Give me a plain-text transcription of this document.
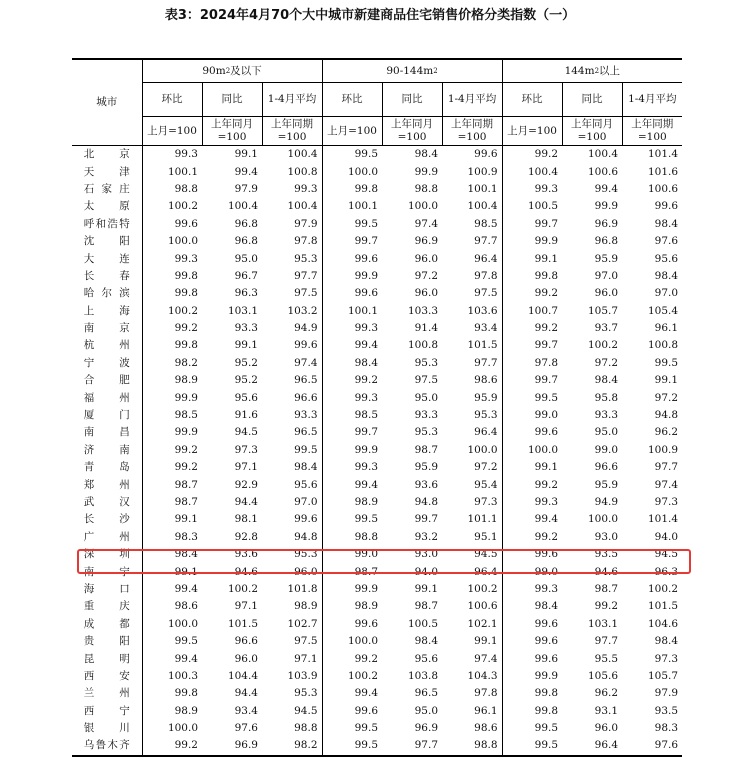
表3：2024年4月70个大中城市新建商品住宅销售价格分类指数（一）
城市	$90m^2$及以下			$90-144m^2$			$144m^2$以上		
	环比	同比	1-4月平均	环比	同比	1-4月平均	环比	同比	1-4月平均
	上月=100	上年同月=100	上年同期=100	上月=100	上年同月=100	上年同期=100	上月=100	上年同月=100	上年同期=100
北京	99.3	99.1	100.4	99.5	98.4	99.6	99.2	100.4	101.4
天津	100.1	99.4	100.8	100.0	99.9	100.9	100.4	100.6	101.6
石家庄	98.8	97.9	99.3	99.8	98.8	100.1	99.3	99.4	100.6
太原	100.2	100.4	100.4	100.1	100.0	100.4	100.5	99.9	99.6
呼和浩特	99.6	96.8	97.9	99.5	97.4	98.5	99.7	96.9	98.4
沈阳	100.0	96.8	97.8	99.7	96.9	97.7	99.9	96.8	97.6
大连	99.3	95.0	95.3	99.6	96.0	96.4	99.1	95.9	95.6
长春	99.8	96.7	97.7	99.9	97.2	97.8	99.8	97.0	98.4
哈尔滨	99.8	96.3	97.5	99.6	96.0	97.5	99.2	96.0	97.0
上海	100.2	103.1	103.2	100.1	103.3	103.6	100.7	105.7	105.4
南京	99.2	93.3	94.9	99.3	91.4	93.4	99.2	93.7	96.1
杭州	99.8	99.1	99.6	99.4	100.8	101.5	99.7	100.2	100.8
宁波	98.2	95.2	97.4	98.4	95.3	97.7	97.8	97.2	99.5
合肥	98.9	95.2	96.5	99.2	97.5	98.6	99.7	98.4	99.1
福州	99.9	95.6	96.6	99.3	95.0	95.9	99.5	95.8	97.2
厦门	98.5	91.6	93.3	98.5	93.3	95.3	99.0	93.3	94.8
南昌	99.9	94.5	96.5	99.7	95.3	96.4	99.6	95.0	96.2
济南	99.2	97.3	99.5	99.9	98.7	100.0	100.0	99.0	100.9
青岛	99.2	97.1	98.4	99.3	95.9	97.2	99.1	96.6	97.7
郑州	98.7	92.9	95.6	99.4	93.6	95.4	99.2	95.9	97.4
武汉	98.7	94.4	97.0	98.9	94.8	97.3	99.3	94.9	97.3
长沙	99.1	98.1	99.6	99.5	99.7	101.1	99.4	100.0	101.4
广州	98.3	92.8	94.8	98.8	93.2	95.1	99.2	93.0	94.0
深圳	98.4	93.6	95.3	99.0	93.0	94.5	99.6	93.5	94.5
南宁	99.1	94.6	96.0	98.7	94.0	96.4	99.0	94.6	96.3
海口	99.4	100.2	101.8	99.9	99.1	100.2	99.3	98.7	100.2
重庆	98.6	97.1	98.9	98.9	98.7	100.6	98.4	99.2	101.5
成都	100.0	101.5	102.7	99.6	100.5	102.1	99.6	103.1	104.6
贵阳	99.5	96.6	97.5	100.0	98.4	99.1	99.6	97.7	98.4
昆明	99.4	96.0	97.1	99.2	95.6	97.4	99.6	95.5	97.3
西安	100.3	104.4	103.9	100.2	103.8	104.3	99.9	105.6	105.7
兰州	99.8	94.4	95.3	99.4	96.5	97.8	99.8	96.2	97.9
西宁	98.9	93.4	94.5	99.6	95.0	96.1	99.8	93.1	93.5
银川	100.0	97.6	98.8	99.5	96.9	98.6	99.5	96.0	98.3
乌鲁木齐	99.2	96.9	98.2	99.5	97.7	98.8	99.5	96.4	97.6
